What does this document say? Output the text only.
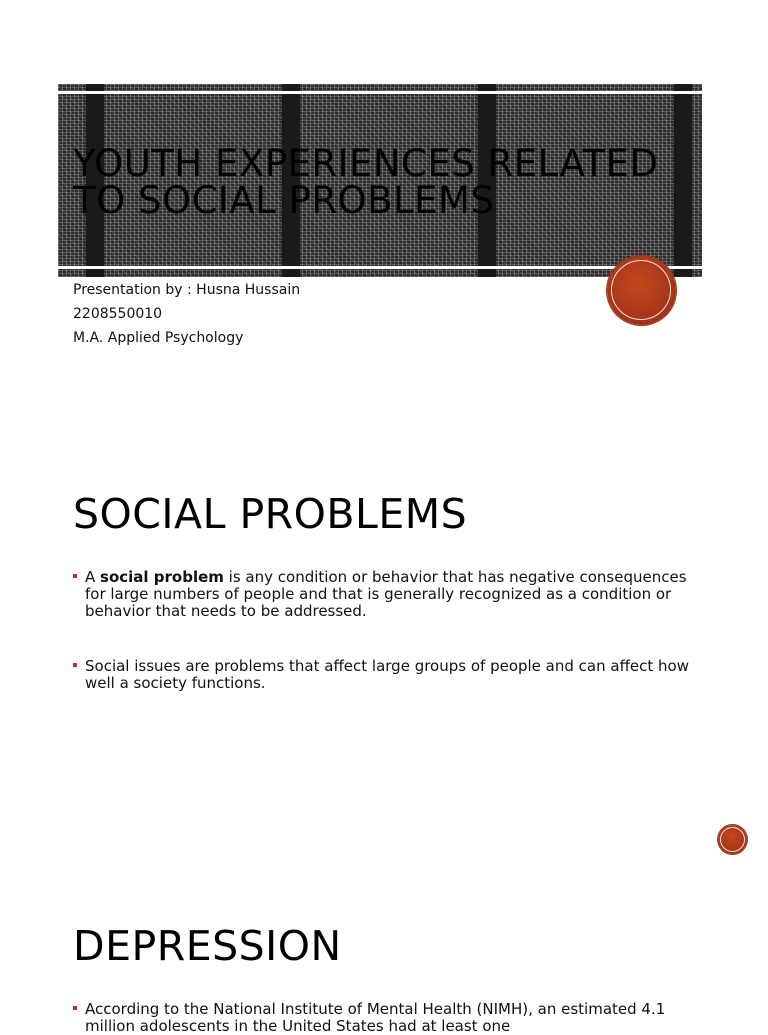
YOUTH EXPERIENCES RELATED
TO SOCIAL PROBLEMS
Presentation by : Husna Hussain
2208550010
M.A. Applied Psychology
SOCIAL PROBLEMS
A social problem is any condition or behavior that has negative consequences for large numbers of people and that is generally recognized as a condition or behavior that needs to be addressed.
Social issues are problems that affect large groups of people and can affect how well a society functions.
DEPRESSION
According to the National Institute of Mental Health (NIMH), an estimated 4.1 million adolescents in the United States had at least one
